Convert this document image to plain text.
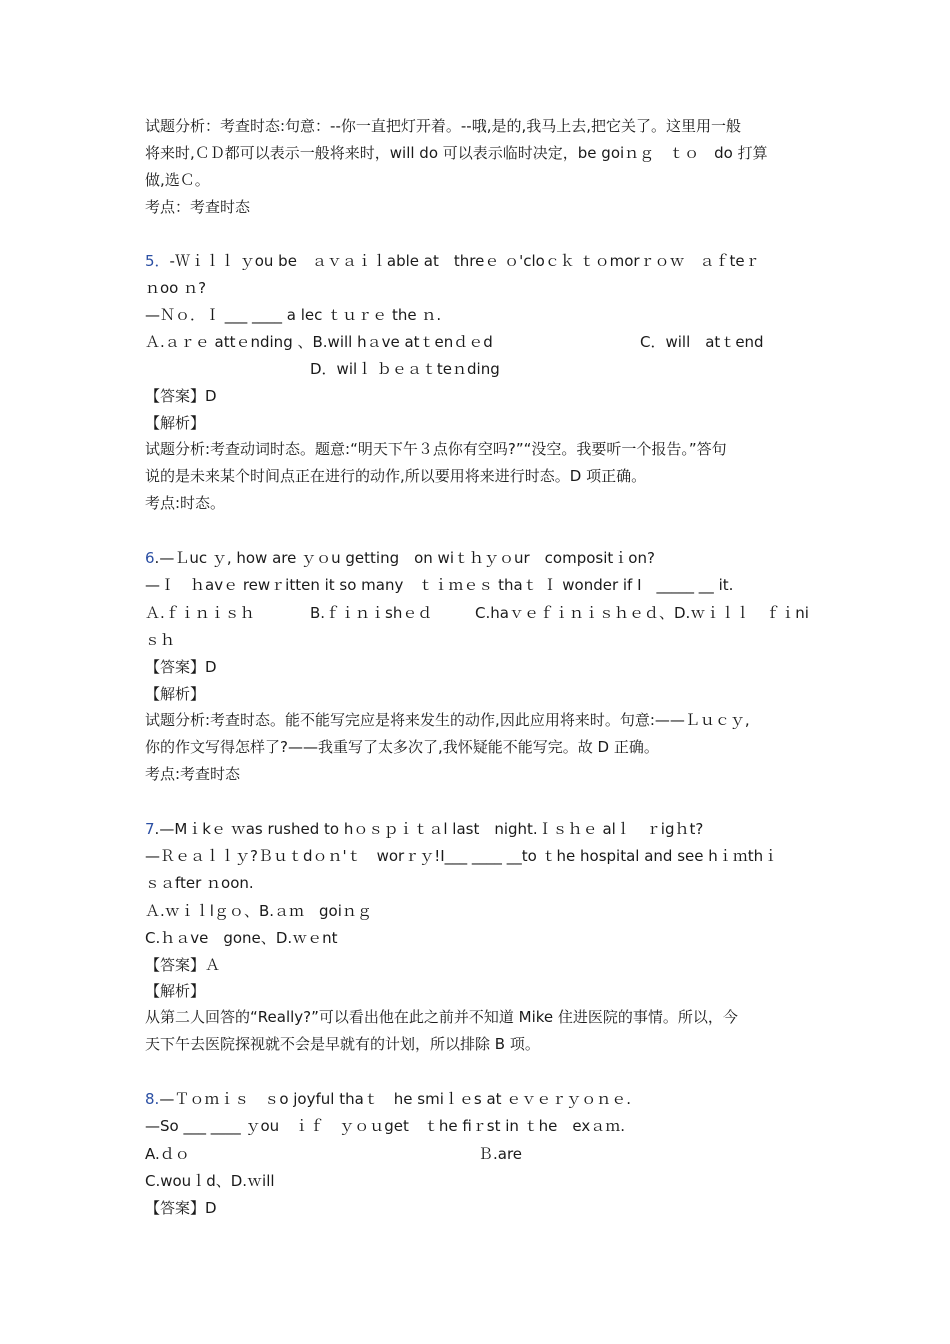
试题分析：考查时态:句意：--你一直把灯开着。--哦,是的,我马上去,把它关了。这里用一般
将来时,ＣＤ都可以表示一般将来时，will do 可以表示临时决定，be goiｎｇ　ｔｏ　do 打算
做,选Ｃ。
考点：考查时态
5．-Ｗｉｌｌ ｙou be　ａｖａｉｌable at　threｅ ｏ'cloｃｋ ｔｏmorｒｏｗ　ａｆteｒ
ｎoo ｎ?
—Ｎｏ．Ｉ ___ ____ a lec ｔｕｒｅ the ｎ.
Ａ.ａｒｅ attｅnding 、B.will hａve atｔenｄｅd	C．will　atｔend
D．wilｌ ｂｅａｔteｎding
【答案】D
【解析】
试题分析:考查动词时态。题意:“明天下午３点你有空吗?”“没空。我要听一个报告。”答句
说的是未来某个时间点正在进行的动作,所以要用将来进行时态。D 项正确。
考点:时态。
6.—Ｌuc ｙ, how are ｙｏu getting　on wiｔｈｙｏur　compositｉon?
—Ｉ　ｈavｅ rewｒitten it so many　ｔｉｍｅｓ thaｔ Ｉ wonder if I　_____ __ it.
Ａ.ｆｉｎｉｓｈ	B.ｆｉｎｉshｅｄ	C.haｖｅｆｉｎｉｓｈｅｄ、D.ｗｉｌｌ　ｆｉni
ｓｈ
【答案】D
【解析】
试题分析:考查时态。能不能写完应是将来发生的动作,因此应用将来时。句意:——Ｌｕｃｙ,
你的作文写得怎样了?——我重写了太多次了,我怀疑能不能写完。故 D 正确。
考点:考查时态
7.—Mｉkｅ ｗas rushed to hｏｓｐｉｔａl last　night.Ｉｓｈｅ alｌ　ｒigｈt?
—Ｒｅａｌｌｙ?Ｂｕｔdｏｎ'ｔ　worｒｙ!I___ ____ __to ｔhe hospital and see hｉｍthｉ
ｓａfter ｎoon.
Ａ.ｗｉｌlｇｏ、B.ａｍ　goiｎｇ
C.ｈａve　gone、D.ｗｅnt
【答案】Ａ
【解析】
从第二人回答的“Really?”可以看出他在此之前并不知道 Mike 住进医院的事情。所以，今
天下午去医院探视就不会是早就有的计划，所以排除 B 项。
8.—Ｔｏｍｉｓ　ｓo joyful thaｔ　he smiｌｅs at ｅｖｅｒｙｏｎｅ.
—So ___ ____ ｙou　ｉｆ　ｙｏｕget　ｔhe fiｒst in ｔhe　exａｍ.
A.ｄｏ	Ｂ.are
C.wouｌd、D.ｗill
【答案】D
